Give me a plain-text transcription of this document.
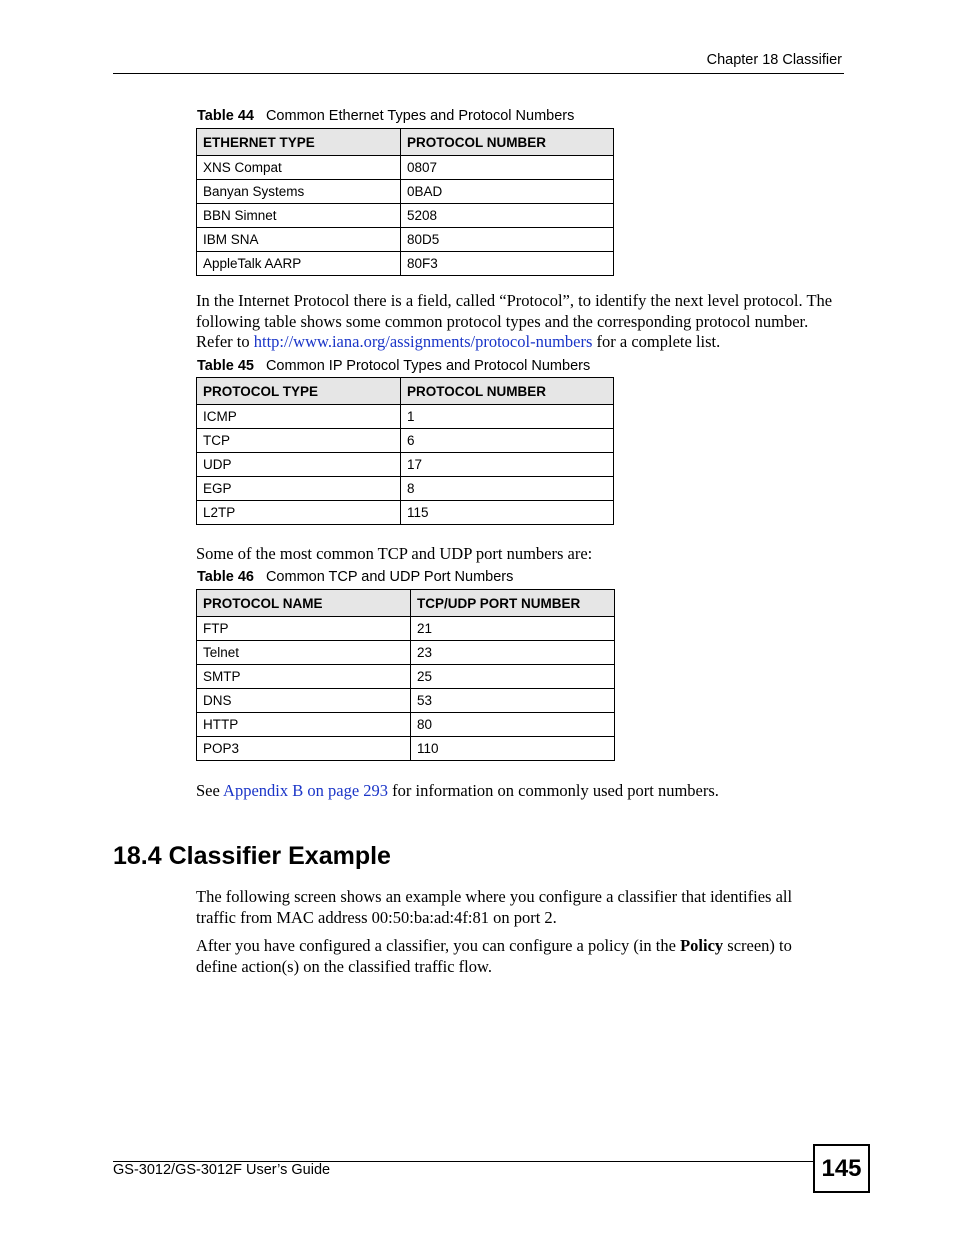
Chapter 18 Classifier
Table 44 Common Ethernet Types and Protocol Numbers
ETHERNET TYPE	PROTOCOL NUMBER
XNS Compat	0807
Banyan Systems	0BAD
BBN Simnet	5208
IBM SNA	80D5
AppleTalk AARP	80F3
In the Internet Protocol there is a field, called “Protocol”, to identify the next level protocol. The following table shows some common protocol types and the corresponding protocol number. Refer to http://www.iana.org/assignments/protocol-numbers for a complete list.
Table 45 Common IP Protocol Types and Protocol Numbers
PROTOCOL TYPE	PROTOCOL NUMBER
ICMP	1
TCP	6
UDP	17
EGP	8
L2TP	115
Some of the most common TCP and UDP port numbers are:
Table 46 Common TCP and UDP Port Numbers
PROTOCOL NAME	TCP/UDP PORT NUMBER
FTP	21
Telnet	23
SMTP	25
DNS	53
HTTP	80
POP3	110
See Appendix B on page 293 for information on commonly used port numbers.
18.4 Classifier Example
The following screen shows an example where you configure a classifier that identifies all traffic from MAC address 00:50:ba:ad:4f:81 on port 2.
After you have configured a classifier, you can configure a policy (in the Policy screen) to define action(s) on the classified traffic flow.
GS-3012/GS-3012F User’s Guide	145
